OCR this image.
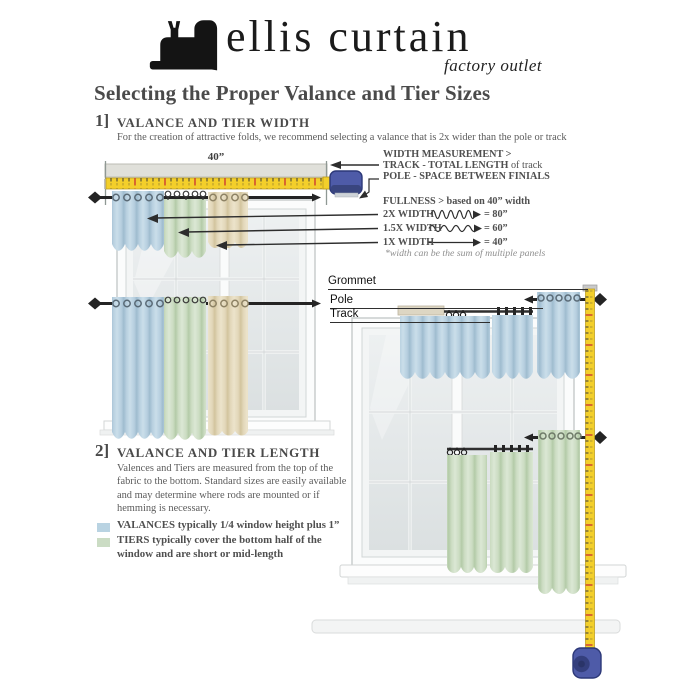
ellis curtain
factory outlet
Selecting the Proper Valance and Tier Sizes
1] VALANCE AND TIER WIDTH
For the creation of attractive folds, we recommend selecting a valance that is 2x wider than the pole or track
40”	WIDTH MEASUREMENT >
TRACK - TOTAL LENGTH of track
POLE - SPACE BETWEEN FINIALS
FULLNESS > based on 40” width
2X WIDTH	= 80”
1.5X WIDTH	= 60”
1X WIDTH	= 40”
*width can be the sum of multiple panels
Grommet
Pole
Track
2] VALANCE AND TIER LENGTH
Valences and Tiers are measured from the top of the fabric to the bottom. Standard sizes are easily available and may determine where rods are mounted or if hemming is necessary.
VALANCES typically 1/4 window height plus 1”
TIERS typically cover the bottom half of the window and are short or mid-length
